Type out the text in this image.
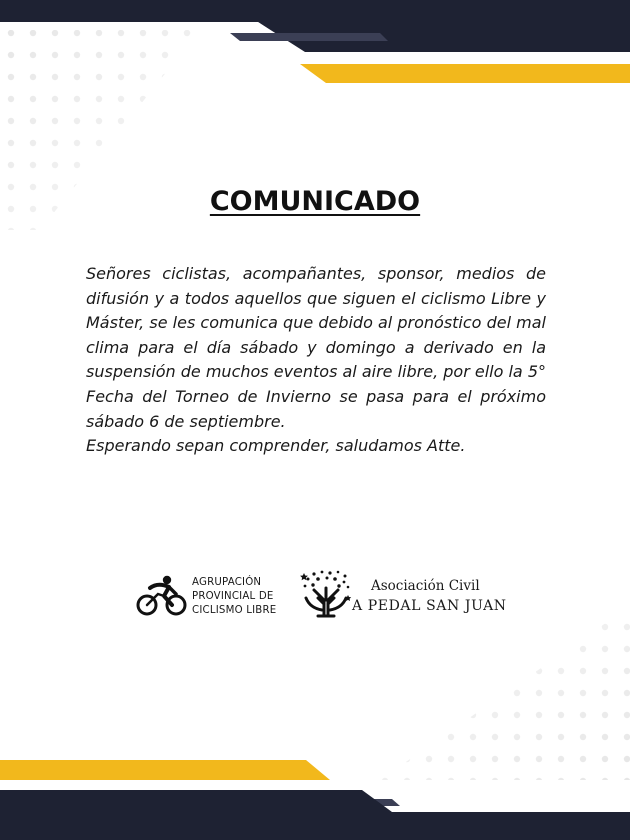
COMUNICADO

Señores ciclistas, acompañantes, sponsor, medios de difusión y a todos aquellos que siguen el ciclismo Libre y Máster, se les comunica que debido al pronóstico del mal clima para el día sábado y domingo a derivado en la suspensión de muchos eventos al aire libre, por ello la 5° Fecha del Torneo de Invierno se pasa para el próximo sábado 6 de septiembre.

Esperando sepan comprender, saludamos Atte.

AGRUPACIÓN
PROVINCIAL DE
CICLISMO LIBRE
Asociación Civil
A PEDAL SAN JUAN
